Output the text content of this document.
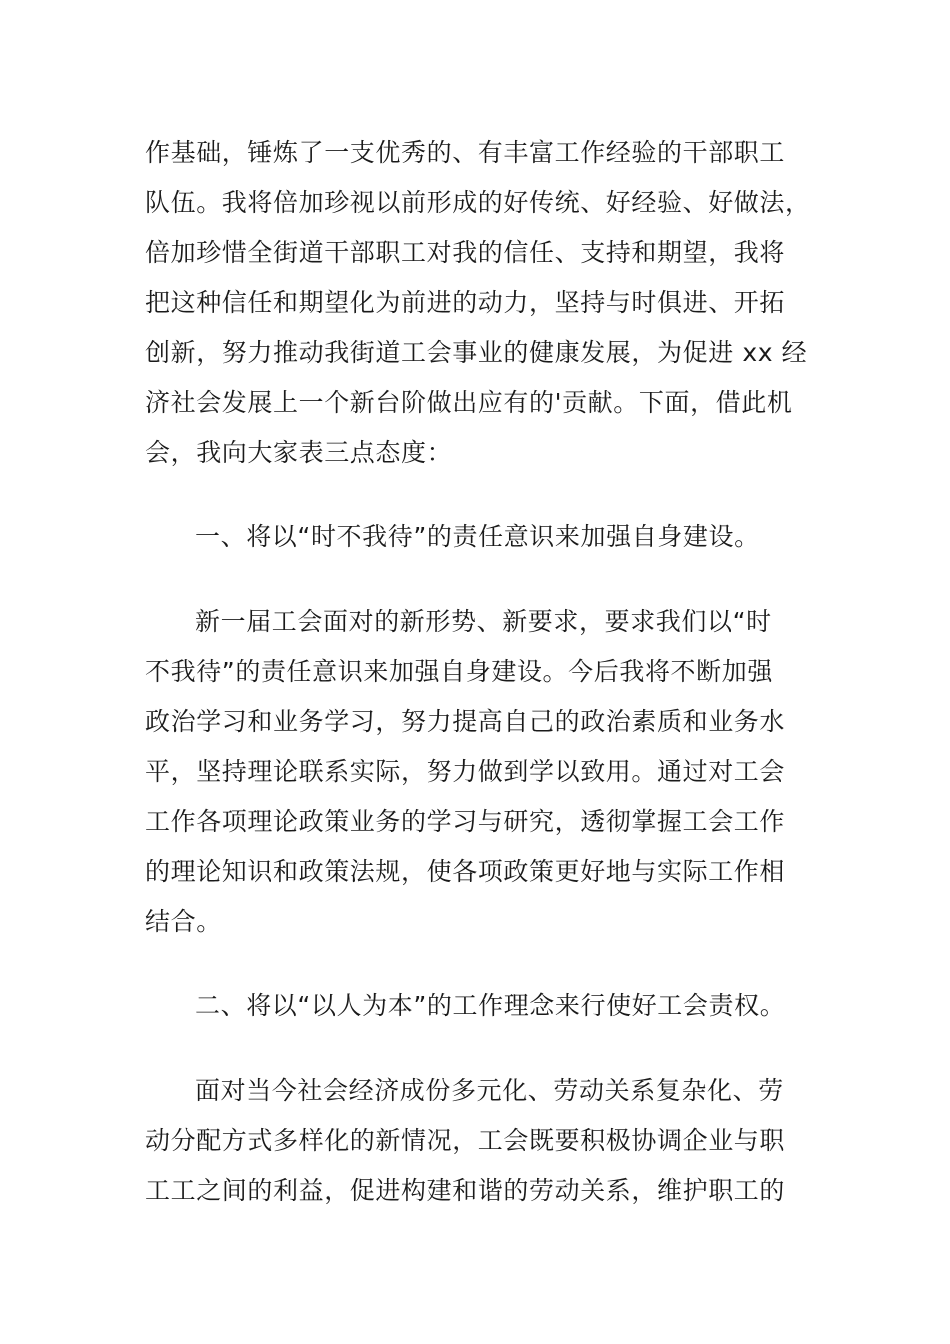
作基础，锤炼了一支优秀的、有丰富工作经验的干部职工
队伍。我将倍加珍视以前形成的好传统、好经验、好做法，
倍加珍惜全街道干部职工对我的信任、支持和期望，我将
把这种信任和期望化为前进的动力，坚持与时俱进、开拓
创新，努力推动我街道工会事业的健康发展，为促进 xx 经
济社会发展上一个新台阶做出应有的'贡献。下面，借此机
会，我向大家表三点态度：
一、将以“时不我待”的责任意识来加强自身建设。
新一届工会面对的新形势、新要求，要求我们以“时
不我待”的责任意识来加强自身建设。今后我将不断加强
政治学习和业务学习，努力提高自己的政治素质和业务水
平，坚持理论联系实际，努力做到学以致用。通过对工会
工作各项理论政策业务的学习与研究，透彻掌握工会工作
的理论知识和政策法规，使各项政策更好地与实际工作相
结合。
二、将以“以人为本”的工作理念来行使好工会责权。
面对当今社会经济成份多元化、劳动关系复杂化、劳
动分配方式多样化的新情况，工会既要积极协调企业与职
工工之间的利益，促进构建和谐的劳动关系，维护职工的
